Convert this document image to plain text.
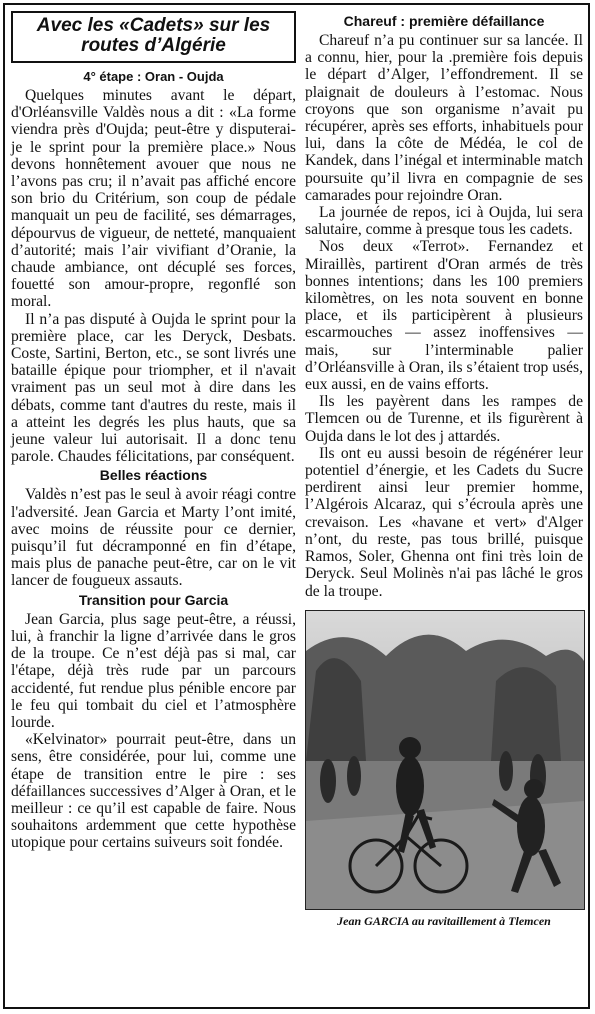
Avec les «Cadets» sur les routes d’Algérie
4° étape : Oran - Oujda

Quelques minutes avant le départ, d'Orléansville Valdès nous a dit : «La forme viendra près d'Oujda; peut-être y disputerai-je le sprint pour la première place.» Nous devons honnêtement avouer que nous ne l’avons pas cru; il n’avait pas affiché encore son brio du Critérium, son coup de pédale manquait un peu de facilité, ses démarrages, dépourvus de vigueur, de netteté, manquaient d’autorité; mais l’air vivifiant d’Oranie, la chaude ambiance, ont décuplé ses forces, fouetté son amour-propre, regonflé son moral.

Il n’a pas disputé à Oujda le sprint pour la première place, car les Deryck, Desbats. Coste, Sartini, Berton, etc., se sont livrés une bataille épique pour triompher, et il n'avait vraiment pas un seul mot à dire dans les débats, comme tant d'autres du reste, mais il a atteint les degrés les plus hauts, que sa jeune valeur lui autorisait. Il a donc tenu parole. Chaudes félicitations, par conséquent.

Belles réactions

Valdès n’est pas le seul à avoir réagi contre l'adversité. Jean Garcia et Marty l’ont imité, avec moins de réussite pour ce dernier, puisqu’il fut décramponné en fin d’étape, mais plus de panache peut-être, car on le vit lancer de fougueux assauts.

Transition pour Garcia

Jean Garcia, plus sage peut-être, a réussi, lui, à franchir la ligne d’arrivée dans le gros de la troupe. Ce n’est déjà pas si mal, car l'étape, déjà très rude par un parcours accidenté, fut rendue plus pénible encore par le feu qui tombait du ciel et l’atmosphère lourde.

«Kelvinator» pourrait peut-être, dans un sens, être considérée, pour lui, comme une étape de transition entre le pire : ses défaillances successives d’Alger à Oran, et le meilleur : ce qu’il est capable de faire. Nous souhaitons ardemment que cette hypothèse utopique pour certains suiveurs soit fondée.

Chareuf : première défaillance

Chareuf n’a pu continuer sur sa lancée. Il a connu, hier, pour la .première fois depuis le départ d’Alger, l’effondrement. Il se plaignait de douleurs à l’estomac. Nous croyons que son organisme n’avait pu récupérer, après ses efforts, inhabituels pour lui, dans la côte de Médéa, le col de Kandek, dans l’inégal et interminable match poursuite qu’il livra en compagnie de ses camarades pour rejoindre Oran.

La journée de repos, ici à Oujda, lui sera salutaire, comme à presque tous les cadets.

Nos deux «Terrot». Fernandez et Miraillès, partirent d'Oran armés de très bonnes intentions; dans les 100 premiers kilomètres, on les nota souvent en bonne place, et ils participèrent à plusieurs escarmouches — assez inoffensives — mais, sur l’interminable palier d’Orléansville à Oran, ils s’étaient trop usés, eux aussi, en de vains efforts.

Ils les payèrent dans les rampes de Tlemcen ou de Turenne, et ils figurèrent à Oujda dans le lot des j attardés.

Ils ont eu aussi besoin de régénérer leur potentiel d’énergie, et les Cadets du Sucre perdirent ainsi leur premier homme, l’Algérois Alcaraz, qui s’écroula après une crevaison. Les «havane et vert» d'Alger n’ont, du reste, pas tous brillé, puisque Ramos, Soler, Ghenna ont fini très loin de Deryck. Seul Molinès n'ai pas lâché le gros de la troupe.

Jean GARCIA au ravitaillement à Tlemcen
